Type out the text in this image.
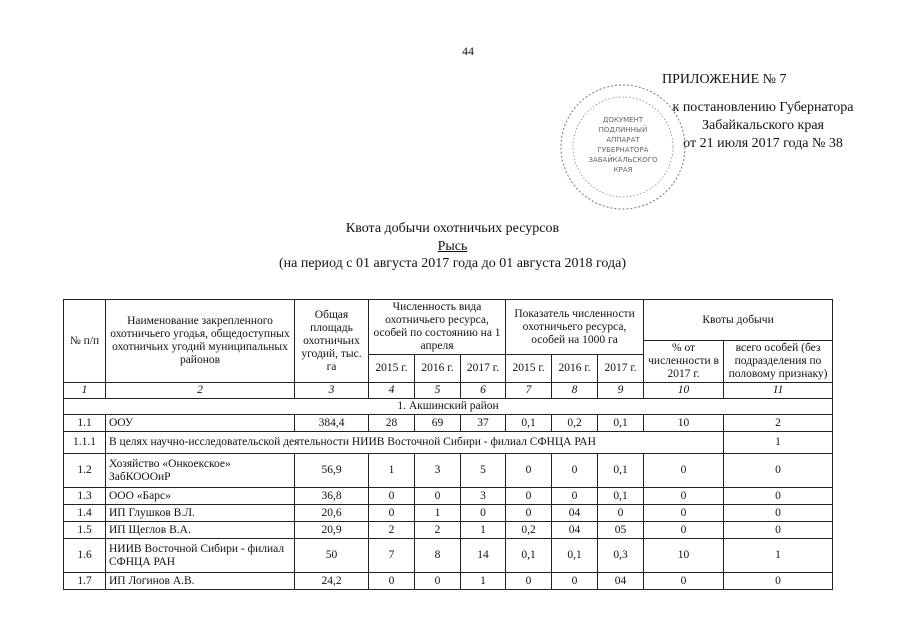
44
ДОКУМЕНТ
ПОДЛИННЫЙ
АППАРАТ
ГУБЕРНАТОРА
ЗАБАЙКАЛЬСКОГО
КРАЯ
ПРИЛОЖЕНИЕ № 7
к постановлению Губернатора
Забайкальского края
от 21 июля 2017 года № 38
Квота добычи охотничьих ресурсов
Рысь
(на период с 01 августа 2017 года до 01 августа 2018 года)
№ п/п	Наименование закрепленного охотничьего угодья, общедоступных охотничьих угодий муниципальных районов	Общая площадь охотничьих угодий, тыс. га	Численность вида охотничьего ресурса, особей по состоянию на 1 апреля			Показатель численности охотничьего ресурса, особей на 1000 га			Квоты добычи	
									% от численности в 2017 г.	всего особей (без подразделения по половому признаку)
			2015 г.	2016 г.	2017 г.	2015 г.	2016 г.	2017 г.		
1	2	3	4	5	6	7	8	9	10	11
1. Акшинский район										
1.1	ООУ	384,4	28	69	37	0,1	0,2	0,1	10	2
1.1.1	В целях научно-исследовательской деятельности НИИВ Восточной Сибири - филиал СФНЦА РАН									1
1.2	Хозяйство «Онкоекское» ЗабКОООиР	56,9	1	3	5	0	0	0,1	0	0
1.3	ООО «Барс»	36,8	0	0	3	0	0	0,1	0	0
1.4	ИП Глушков В.Л.	20,6	0	1	0	0	04	0	0	0
1.5	ИП Щеглов В.А.	20,9	2	2	1	0,2	04	05	0	0
1.6	НИИВ Восточной Сибири - филиал СФНЦА РАН	50	7	8	14	0,1	0,1	0,3	10	1
1.7	ИП Логинов А.В.	24,2	0	0	1	0	0	04	0	0
